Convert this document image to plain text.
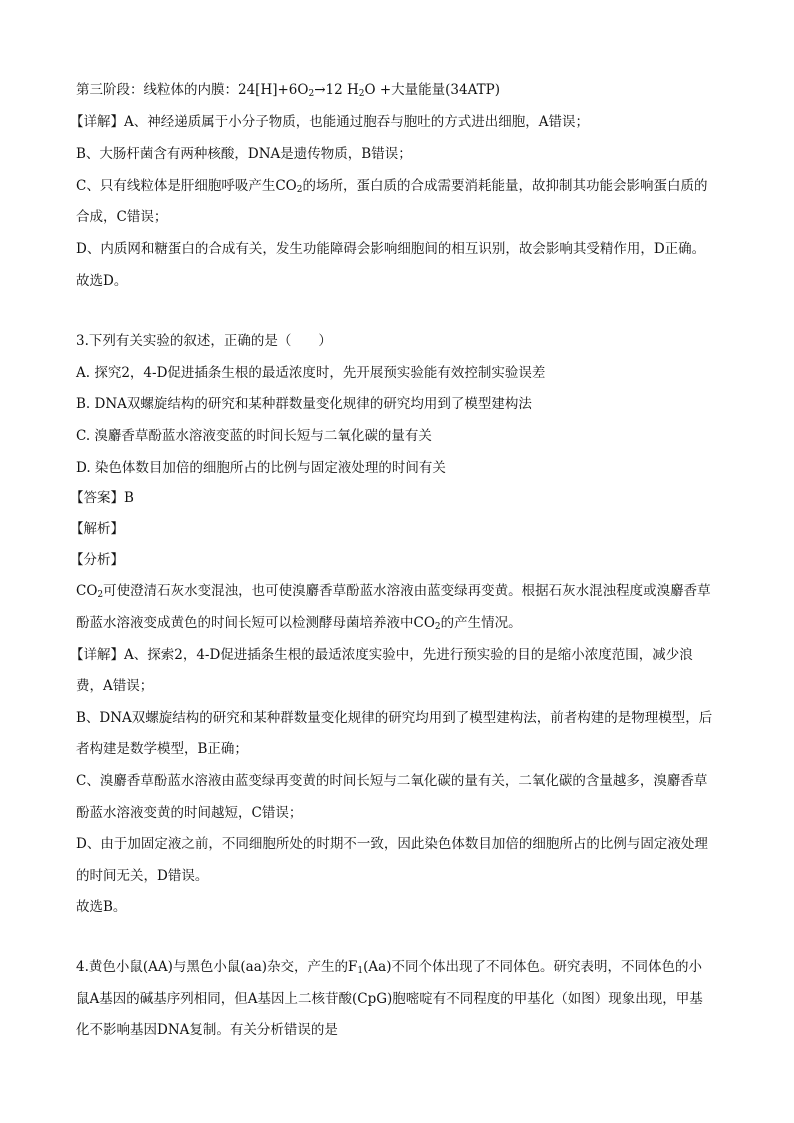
第三阶段：线粒体的内膜：$24[H]+6O_2\to 12$ $H_2O$ +大量能量(34ATP)
【详解】A、神经递质属于小分子物质，也能通过胞吞与胞吐的方式进出细胞，A错误；
B、大肠杆菌含有两种核酸，DNA是遗传物质，B错误；
C、只有线粒体是肝细胞呼吸产生$CO_2$的场所，蛋白质的合成需要消耗能量，故抑制其功能会影响蛋白质的
合成，C错误；
D、内质网和糖蛋白的合成有关，发生功能障碍会影响细胞间的相互识别，故会影响其受精作用，D正确。
故选D。
3.下列有关实验的叙述，正确的是（　　）
A. 探究2，4-D促进插条生根的最适浓度时，先开展预实验能有效控制实验误差
B. DNA双螺旋结构的研究和某种群数量变化规律的研究均用到了模型建构法
C. 溴麝香草酚蓝水溶液变蓝的时间长短与二氧化碳的量有关
D. 染色体数目加倍的细胞所占的比例与固定液处理的时间有关
【答案】B
【解析】
【分析】
$CO_2$可使澄清石灰水变混浊，也可使溴麝香草酚蓝水溶液由蓝变绿再变黄。根据石灰水混浊程度或溴麝香草
酚蓝水溶液变成黄色的时间长短可以检测酵母菌培养液中$CO_2$的产生情况。
【详解】A、探索2，4-D促进插条生根的最适浓度实验中，先进行预实验的目的是缩小浓度范围，减少浪
费，A错误；
B、DNA双螺旋结构的研究和某种群数量变化规律的研究均用到了模型建构法，前者构建的是物理模型，后
者构建是数学模型，B正确；
C、溴麝香草酚蓝水溶液由蓝变绿再变黄的时间长短与二氧化碳的量有关，二氧化碳的含量越多，溴麝香草
酚蓝水溶液变黄的时间越短，C错误；
D、由于加固定液之前，不同细胞所处的时期不一致，因此染色体数目加倍的细胞所占的比例与固定液处理
的时间无关，D错误。
故选B。
4.黄色小鼠(AA)与黑色小鼠(aa)杂交，产生的$F_1(Aa)$不同个体出现了不同体色。研究表明，不同体色的小
鼠A基因的碱基序列相同，但A基因上二核苷酸(CpG)胞嘧啶有不同程度的甲基化（如图）现象出现，甲基
化不影响基因DNA复制。有关分析错误的是
